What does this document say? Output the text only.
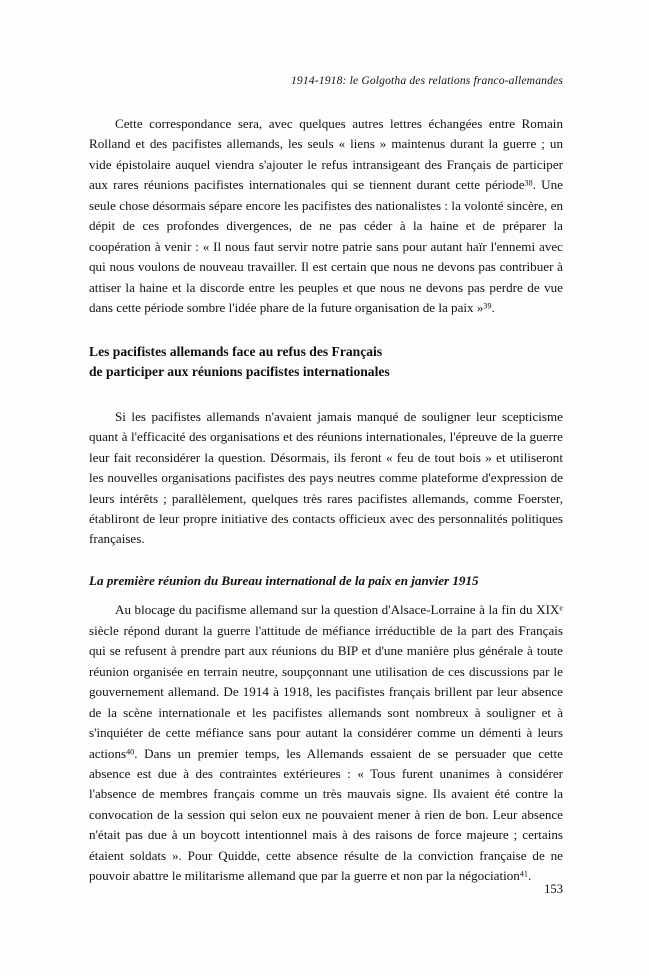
1914-1918: le Golgotha des relations franco-allemandes

Cette correspondance sera, avec quelques autres lettres échangées entre Romain Rolland et des pacifistes allemands, les seuls « liens » maintenus durant la guerre ; un vide épistolaire auquel viendra s'ajouter le refus intransigeant des Français de participer aux rares réunions pacifistes internationales qui se tiennent durant cette période$^{38}$. Une seule chose désormais sépare encore les pacifistes des nationalistes : la volonté sincère, en dépit de ces profondes divergences, de ne pas céder à la haine et de préparer la coopération à venir : « Il nous faut servir notre patrie sans pour autant haïr l'ennemi avec qui nous voulons de nouveau travailler. Il est certain que nous ne devons pas contribuer à attiser la haine et la discorde entre les peuples et que nous ne devons pas perdre de vue dans cette période sombre l'idée phare de la future organisation de la paix »$^{39}$.

Les pacifistes allemands face au refus des Français
de participer aux réunions pacifistes internationales

Si les pacifistes allemands n'avaient jamais manqué de souligner leur scepticisme quant à l'efficacité des organisations et des réunions internationales, l'épreuve de la guerre leur fait reconsidérer la question. Désormais, ils feront « feu de tout bois » et utiliseront les nouvelles organisations pacifistes des pays neutres comme plateforme d'expression de leurs intérêts ; parallèlement, quelques très rares pacifistes allemands, comme Foerster, établiront de leur propre initiative des contacts officieux avec des personnalités politiques françaises.

La première réunion du Bureau international de la paix en janvier 1915

Au blocage du pacifisme allemand sur la question d'Alsace-Lorraine à la fin du XIXe siècle répond durant la guerre l'attitude de méfiance irréductible de la part des Français qui se refusent à prendre part aux réunions du BIP et d'une manière plus générale à toute réunion organisée en terrain neutre, soupçonnant une utilisation de ces discussions par le gouvernement allemand. De 1914 à 1918, les pacifistes français brillent par leur absence de la scène internationale et les pacifistes allemands sont nombreux à souligner et à s'inquiéter de cette méfiance sans pour autant la considérer comme un démenti à leurs actions$^{40}$. Dans un premier temps, les Allemands essaient de se persuader que cette absence est due à des contraintes extérieures : « Tous furent unanimes à considérer l'absence de membres français comme un très mauvais signe. Ils avaient été contre la convocation de la session qui selon eux ne pouvaient mener à rien de bon. Leur absence n'était pas due à un boycott intentionnel mais à des raisons de force majeure ; certains étaient soldats ». Pour Quidde, cette absence résulte de la conviction française de ne pouvoir abattre le militarisme allemand que par la guerre et non par la négociation$^{41}$.

153
